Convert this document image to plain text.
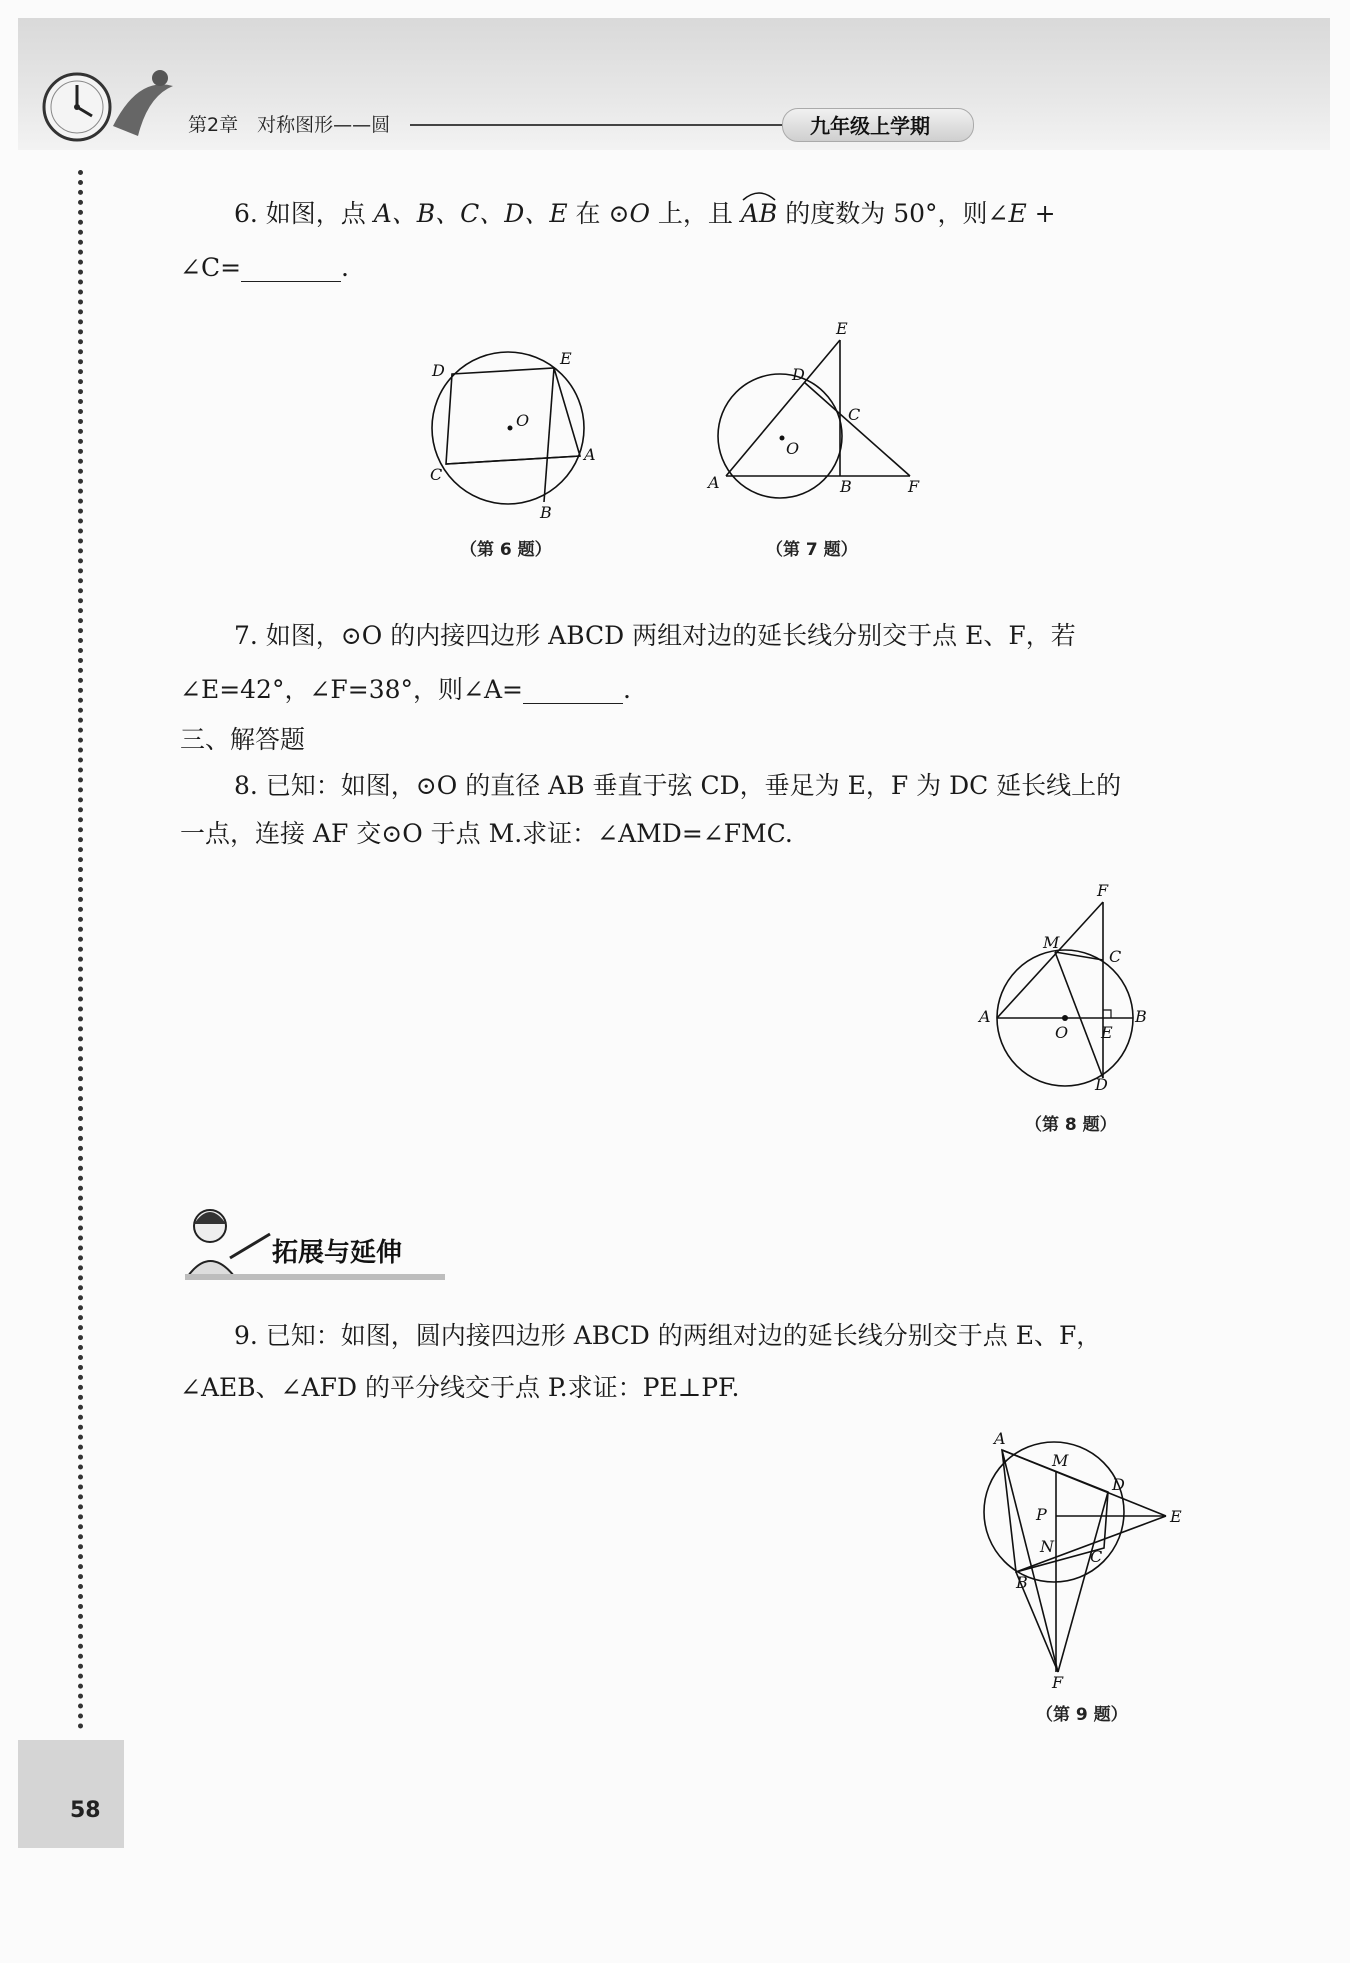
第2章　对称图形——圆	九年级上学期
58
6. 如图，点 A、B、C、D、E 在 ⊙O 上，且
AB 的度数为 50°，则∠E +
∠C=________.
D
E
O
A
C
B
（第 6 题）
E
D
C
O
A	B	F
（第 7 题）
7. 如图，⊙O 的内接四边形 ABCD 两组对边的延长线分别交于点 E、F，若
∠E=42°，∠F=38°，则∠A=________.
三、解答题
8. 已知：如图，⊙O 的直径 AB 垂直于弦 CD，垂足为 E，F 为 DC 延长线上的
一点，连接 AF 交⊙O 于点 M.求证：∠AMD=∠FMC.
F
M
C
A
O E
B
D
（第 8 题）
拓展与延伸
9. 已知：如图，圆内接四边形 ABCD 的两组对边的延长线分别交于点 E、F，
∠AEB、∠AFD 的平分线交于点 P.求证：PE⊥PF.
A
M
D
E
P
N
C
B
F
（第 9 题）
